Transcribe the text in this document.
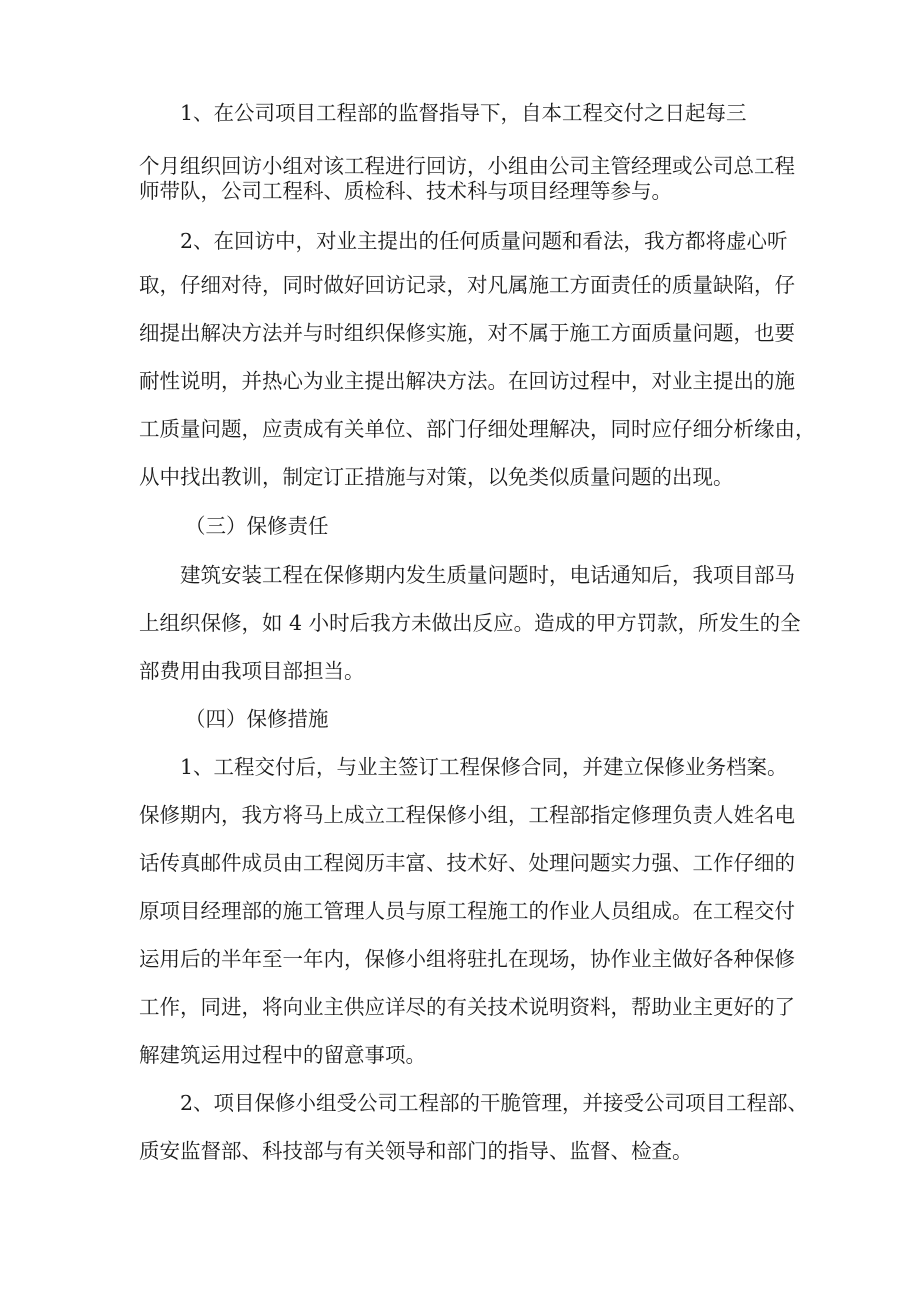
1、在公司项目工程部的监督指导下，自本工程交付之日起每三

个月组织回访小组对该工程进行回访，小组由公司主管经理或公司总工程

师带队，公司工程科、质检科、技术科与项目经理等参与。

2、在回访中，对业主提出的任何质量问题和看法，我方都将虚心听

取，仔细对待，同时做好回访记录，对凡属施工方面责任的质量缺陷，仔

细提出解决方法并与时组织保修实施，对不属于施工方面质量问题，也要

耐性说明，并热心为业主提出解决方法。在回访过程中，对业主提出的施

工质量问题，应责成有关单位、部门仔细处理解决，同时应仔细分析缘由，

从中找出教训，制定订正措施与对策，以免类似质量问题的出现。

（三）保修责任

建筑安装工程在保修期内发生质量问题时，电话通知后，我项目部马

上组织保修，如 4 小时后我方未做出反应。造成的甲方罚款，所发生的全

部费用由我项目部担当。

（四）保修措施

1、工程交付后，与业主签订工程保修合同，并建立保修业务档案。

保修期内，我方将马上成立工程保修小组，工程部指定修理负责人姓名电

话传真邮件成员由工程阅历丰富、技术好、处理问题实力强、工作仔细的

原项目经理部的施工管理人员与原工程施工的作业人员组成。在工程交付

运用后的半年至一年内，保修小组将驻扎在现场，协作业主做好各种保修

工作，同进，将向业主供应详尽的有关技术说明资料，帮助业主更好的了

解建筑运用过程中的留意事项。

2、项目保修小组受公司工程部的干脆管理，并接受公司项目工程部、

质安监督部、科技部与有关领导和部门的指导、监督、检查。
